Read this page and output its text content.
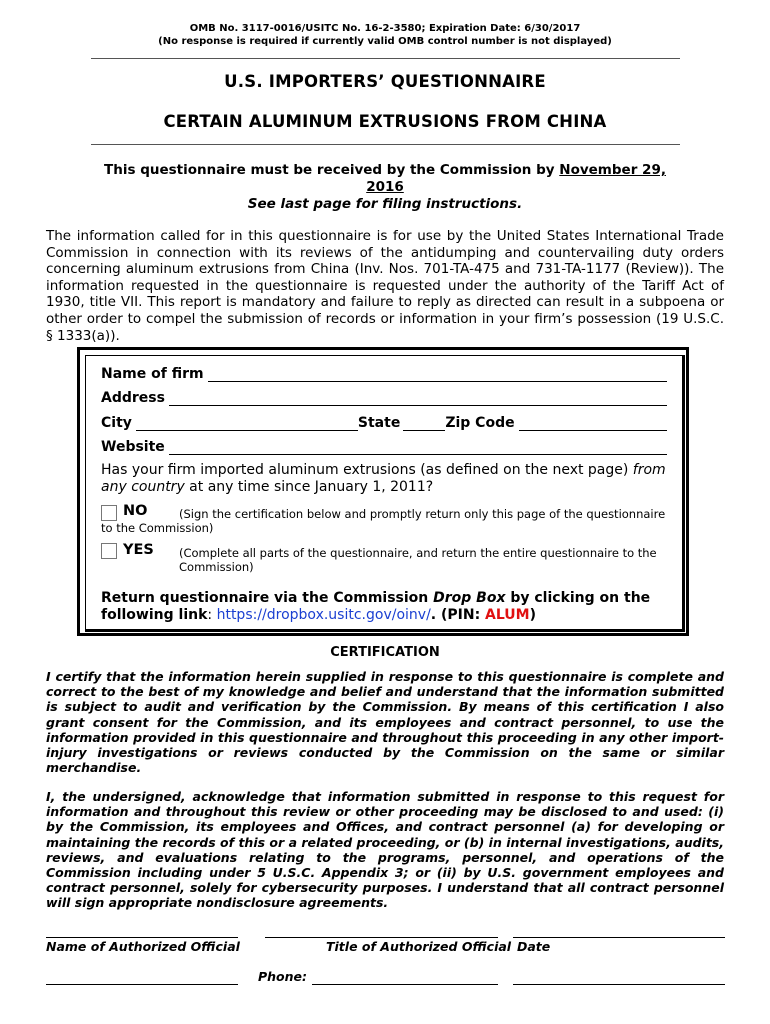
OMB No. 3117-0016/USITC No. 16-2-3580; Expiration Date: 6/30/2017
(No response is required if currently valid OMB control number is not displayed)
U.S. IMPORTERS’ QUESTIONNAIRE
CERTAIN ALUMINUM EXTRUSIONS FROM CHINA
This questionnaire must be received by the Commission by November 29,
2016
See last page for filing instructions.
The information called for in this questionnaire is for use by the United States International Trade Commission in connection with its reviews of the antidumping and countervailing duty orders concerning aluminum extrusions from China (Inv. Nos. 701-TA-475 and 731-TA-1177 (Review)). The information requested in the questionnaire is requested under the authority of the Tariff Act of 1930, title VII. This report is mandatory and failure to reply as directed can result in a subpoena or other order to compel the submission of records or information in your firm’s possession (19 U.S.C. § 1333(a)).
Name of firm
Address
City	State	Zip Code
Website
Has your firm imported aluminum extrusions (as defined on the next page) from any country at any time since January 1, 2011?
NO	(Sign the certification below and promptly return only this page of the questionnaire to the Commission)
YES (Complete all parts of the questionnaire, and return the entire questionnaire to the Commission)
Return questionnaire via the Commission Drop Box by clicking on the following link: https://dropbox.usitc.gov/oinv/. (PIN: ALUM)
CERTIFICATION
I certify that the information herein supplied in response to this questionnaire is complete and correct to the best of my knowledge and belief and understand that the information submitted is subject to audit and verification by the Commission. By means of this certification I also grant consent for the Commission, and its employees and contract personnel, to use the information provided in this questionnaire and throughout this proceeding in any other import-injury investigations or reviews conducted by the Commission on the same or similar merchandise.
I, the undersigned, acknowledge that information submitted in response to this request for information and throughout this review or other proceeding may be disclosed to and used: (i) by the Commission, its employees and Offices, and contract personnel (a) for developing or maintaining the records of this or a related proceeding, or (b) in internal investigations, audits, reviews, and evaluations relating to the programs, personnel, and operations of the Commission including under 5 U.S.C. Appendix 3; or (ii) by U.S. government employees and contract personnel, solely for cybersecurity purposes. I understand that all contract personnel will sign appropriate nondisclosure agreements.
Name of Authorized Official	Title of Authorized Official Date
Phone:
